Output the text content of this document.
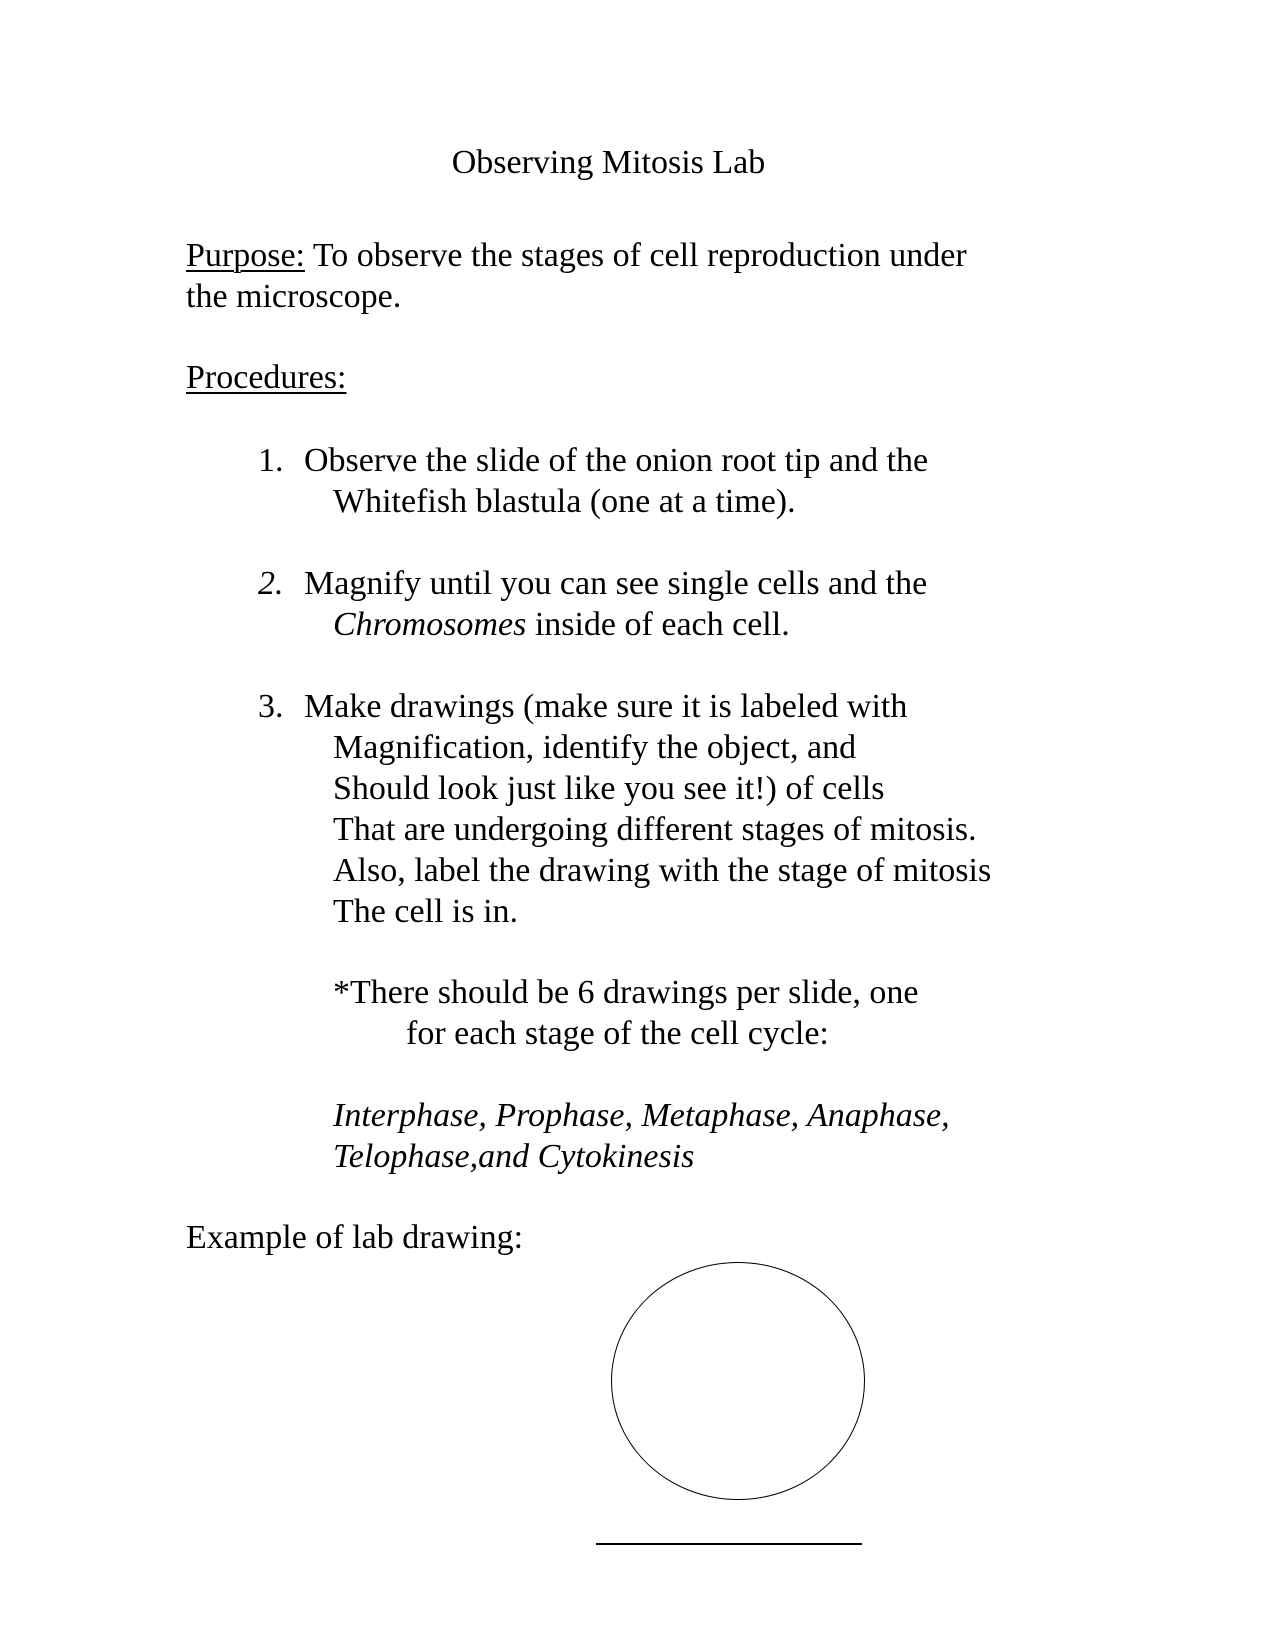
Observing Mitosis Lab
Purpose: To observe the stages of cell reproduction under
the microscope.
Procedures:
1. Observe the slide of the onion root tip and the
Whitefish blastula (one at a time).
2. Magnify until you can see single cells and the
Chromosomes inside of each cell.
3. Make drawings (make sure it is labeled with
Magnification, identify the object, and
Should look just like you see it!) of cells
That are undergoing different stages of mitosis.
Also, label the drawing with the stage of mitosis
The cell is in.
*There should be 6 drawings per slide, one
for each stage of the cell cycle:
Interphase, Prophase, Metaphase, Anaphase,
Telophase,and Cytokinesis
Example of lab drawing:
